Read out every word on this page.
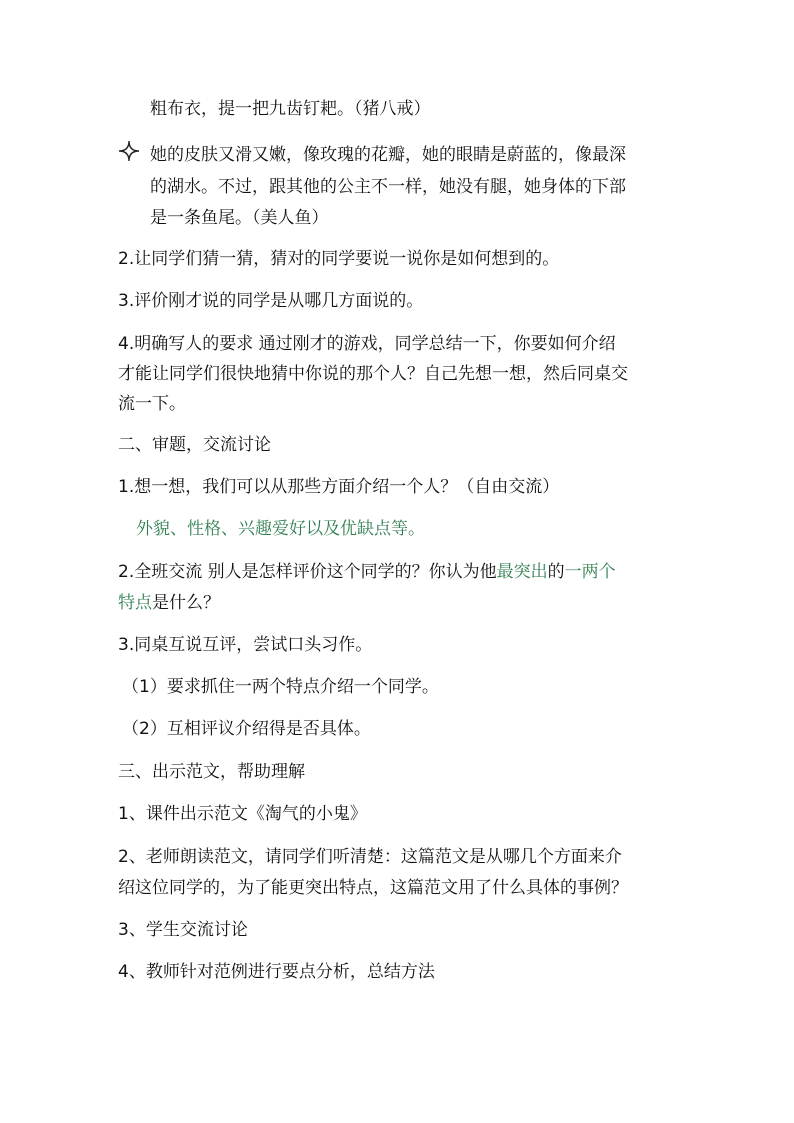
粗布衣，提一把九齿钉耙。（猪八戒）
她的皮肤又滑又嫩，像玫瑰的花瓣，她的眼睛是蔚蓝的，像最深
的湖水。不过，跟其他的公主不一样，她没有腿，她身体的下部
是一条鱼尾。（美人鱼）
2.让同学们猜一猜，猜对的同学要说一说你是如何想到的。
3.评价刚才说的同学是从哪几方面说的。
4.明确写人的要求 通过刚才的游戏，同学总结一下，你要如何介绍
才能让同学们很快地猜中你说的那个人？自己先想一想，然后同桌交
流一下。
二、审题，交流讨论
1.想一想，我们可以从那些方面介绍一个人？（自由交流）
外貌、性格、兴趣爱好以及优缺点等。
2.全班交流 别人是怎样评价这个同学的？你认为他最突出的一两个
特点是什么？
3.同桌互说互评，尝试口头习作。
（1）要求抓住一两个特点介绍一个同学。
（2）互相评议介绍得是否具体。
三、出示范文，帮助理解
1、课件出示范文《淘气的小鬼》
2、老师朗读范文，请同学们听清楚：这篇范文是从哪几个方面来介
绍这位同学的，为了能更突出特点，这篇范文用了什么具体的事例？
3、学生交流讨论
4、教师针对范例进行要点分析，总结方法
